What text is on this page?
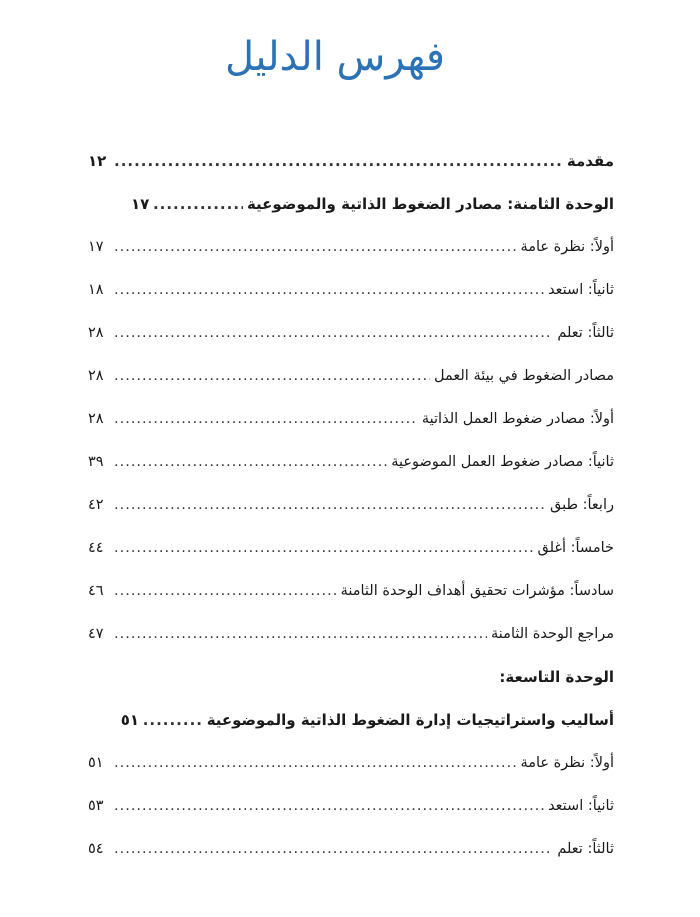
فهرس الدليل
مقدمة
.....
١٢
الوحدة الثامنة: مصادر الضغوط الذاتية والموضوعية
.....
١٧
أولاً: نظرة عامة
.....
١٧
ثانياً: استعد
.....
١٨
ثالثاً: تعلم
.....
٢٨
مصادر الضغوط في بيئة العمل
.....
٢٨
أولاً: مصادر ضغوط العمل الذاتية
.....
٢٨
ثانياً: مصادر ضغوط العمل الموضوعية
.....
٣٩
رابعاً: طبق
.....
٤٢
خامساً: أغلق
.....
٤٤
سادساً: مؤشرات تحقيق أهداف الوحدة الثامنة
.....
٤٦
مراجع الوحدة الثامنة
.....
٤٧
الوحدة التاسعة:
أساليب واستراتيجيات إدارة الضغوط الذاتية والموضوعية
.....
٥١
أولاً: نظرة عامة
.....
٥١
ثانياً: استعد
.....
٥٣
ثالثاً: تعلم
.....
٥٤
